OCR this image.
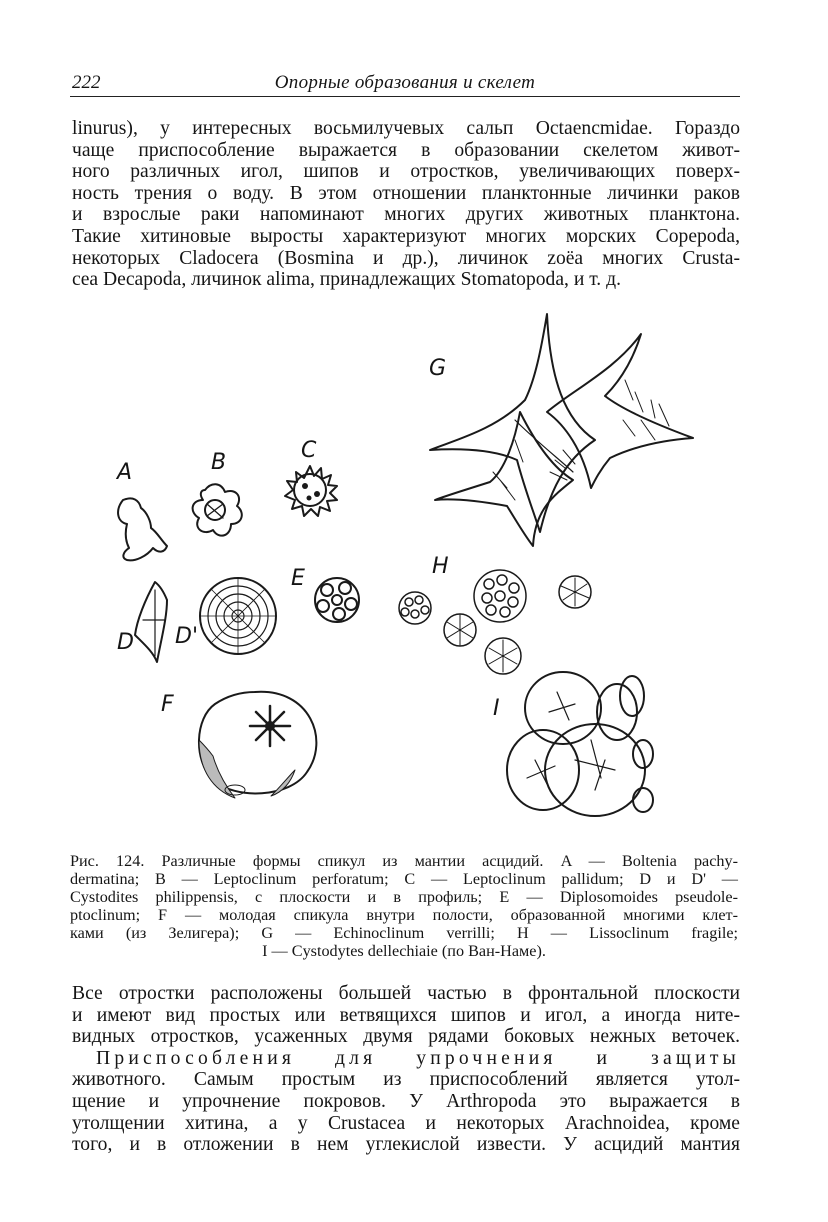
222	Опорные образования и скелет
linurus), у интересных восьмилучевых сальп Octaencmidae. Гораздо
чаще приспособление выражается в образовании скелетом живот-
ного различных игол, шипов и отростков, увеличивающих поверх-
ность трения о воду. В этом отношении планктонные личинки раков
и взрослые раки напоминают многих других животных планктона.
Такие хитиновые выросты характеризуют многих морских Copepoda,
некоторых Cladocera (Bosmina и др.), личинок zoëa многих Crusta-
cea Decapoda, личинок alima, принадлежащих Stomatopoda, и т. д.
G
A	B	C
E	H
D D'
F	I
Рис. 124. Различные формы спикул из мантии асцидий. A — Boltenia pachy-
dermatina; B — Leptoclinum perforatum; C — Leptoclinum pallidum; D и D' —
Cystodites philippensis, с плоскости и в профиль; E — Diplosomoides pseudole-
ptoclinum; F — молодая спикула внутри полости, образованной многими клет-
ками (из Зелигера); G — Echinoclinum verrilli; H — Lissoclinum fragile;
I — Cystodytes dellechiaie (по Ван-Наме).
Все отростки расположены большей частью в фронтальной плоскости
и имеют вид простых или ветвящихся шипов и игол, а иногда ните-
видных отростков, усаженных двумя рядами боковых нежных веточек.
Приспособления для упрочнения и защиты
животного. Самым простым из приспособлений является утол-
щение и упрочнение покровов. У Arthropoda это выражается в
утолщении хитина, а у Crustacea и некоторых Arachnoidea, кроме
того, и в отложении в нем углекислой извести. У асцидий мантия
